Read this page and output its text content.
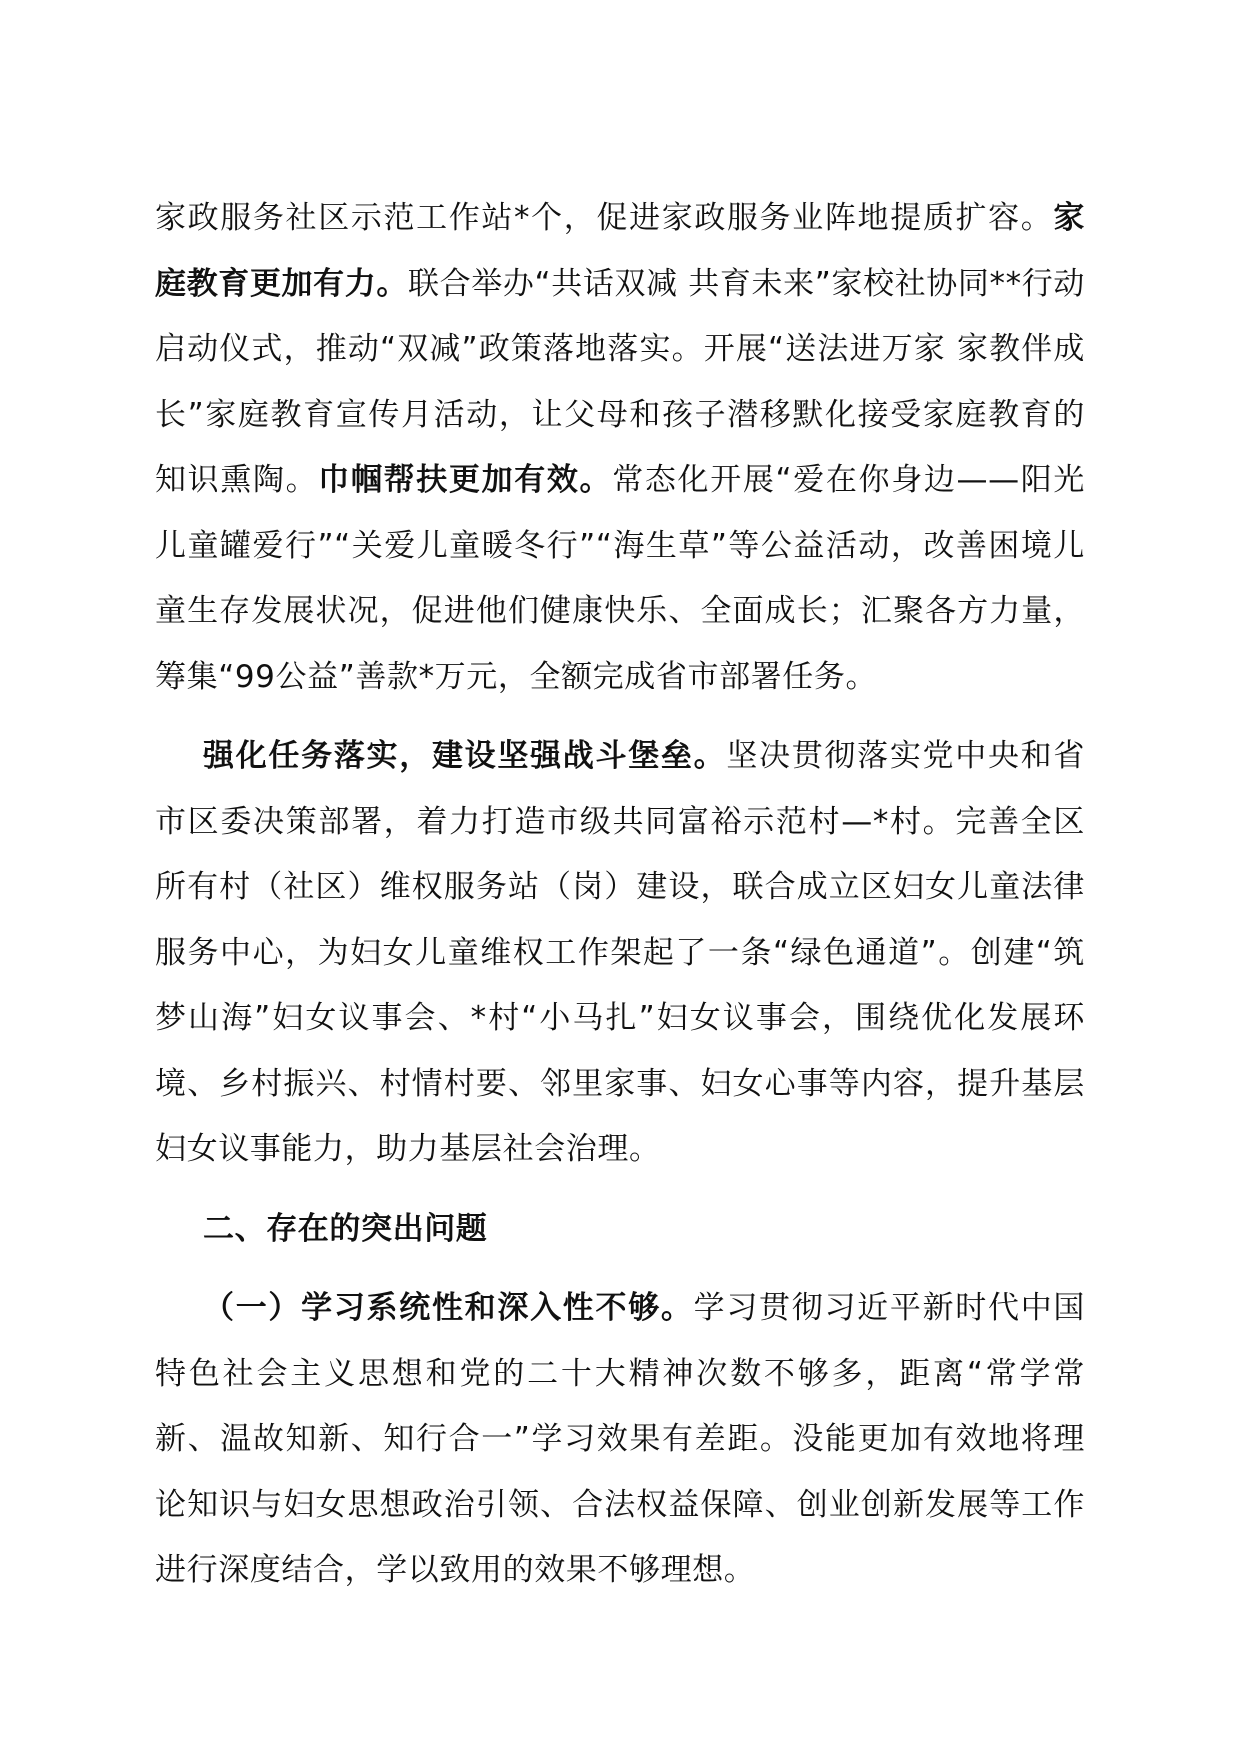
家政服务社区示范工作站*个，促进家政服务业阵地提质扩容。家庭教育更加有力。联合举办“共话双减 共育未来”家校社协同**行动启动仪式，推动“双减”政策落地落实。开展“送法进万家 家教伴成长”家庭教育宣传月活动，让父母和孩子潜移默化接受家庭教育的知识熏陶。巾帼帮扶更加有效。常态化开展“爱在你身边——阳光儿童罐爱行”“关爱儿童暖冬行”“海生草”等公益活动，改善困境儿童生存发展状况，促进他们健康快乐、全面成长；汇聚各方力量，筹集“99公益”善款*万元，全额完成省市部署任务。

强化任务落实，建设坚强战斗堡垒。坚决贯彻落实党中央和省市区委决策部署，着力打造市级共同富裕示范村—*村。完善全区所有村（社区）维权服务站（岗）建设，联合成立区妇女儿童法律服务中心，为妇女儿童维权工作架起了一条“绿色通道”。创建“筑梦山海”妇女议事会、*村“小马扎”妇女议事会，围绕优化发展环境、乡村振兴、村情村要、邻里家事、妇女心事等内容，提升基层妇女议事能力，助力基层社会治理。

二、存在的突出问题

（一）学习系统性和深入性不够。学习贯彻习近平新时代中国特色社会主义思想和党的二十大精神次数不够多，距离“常学常新、温故知新、知行合一”学习效果有差距。没能更加有效地将理论知识与妇女思想政治引领、合法权益保障、创业创新发展等工作进行深度结合，学以致用的效果不够理想。
